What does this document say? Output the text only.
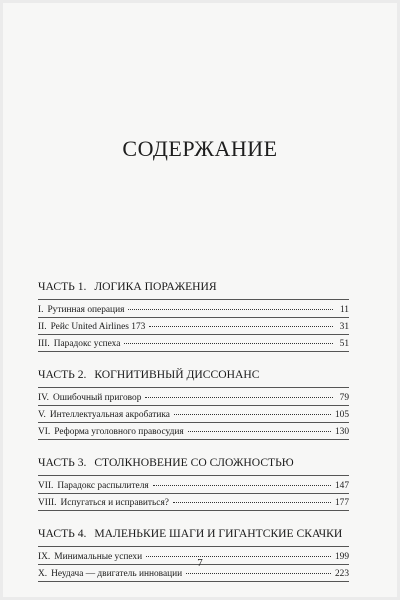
СОДЕРЖАНИЕ
ЧАСТЬ 1. ЛОГИКА ПОРАЖЕНИЯ
I. Рутинная операция	11
II. Рейс United Airlines 173	31
III. Парадокс успеха	51
ЧАСТЬ 2. КОГНИТИВНЫЙ ДИССОНАНС
IV. Ошибочный приговор	79
V. Интеллектуальная акробатика	105
VI. Реформа уголовного правосудия	130
ЧАСТЬ 3. СТОЛКНОВЕНИЕ СО СЛОЖНОСТЬЮ
VII. Парадокс распылителя	147
VIII. Испугаться и исправиться?	177
ЧАСТЬ 4. МАЛЕНЬКИЕ ШАГИ И ГИГАНТСКИЕ СКАЧКИ
IX. Минимальные успехи	199
X. Неудача — двигатель инновации	223
7
